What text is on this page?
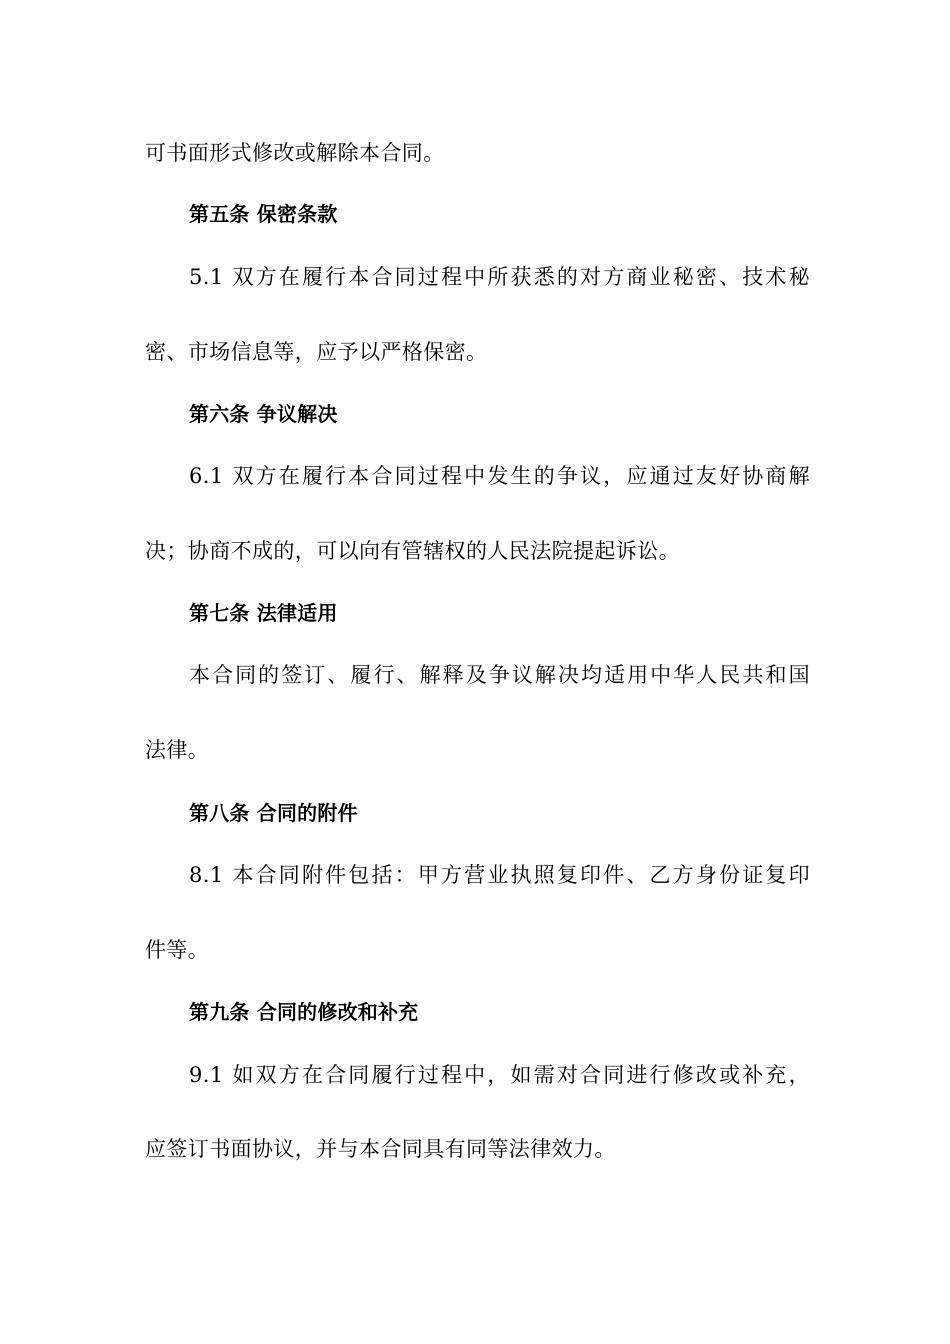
可书面形式修改或解除本合同。
第五条 保密条款
5.1 双方在履行本合同过程中所获悉的对方商业秘密、技术秘
密、市场信息等，应予以严格保密。
第六条 争议解决
6.1 双方在履行本合同过程中发生的争议，应通过友好协商解
决；协商不成的，可以向有管辖权的人民法院提起诉讼。
第七条 法律适用
本合同的签订、履行、解释及争议解决均适用中华人民共和国
法律。
第八条 合同的附件
8.1 本合同附件包括：甲方营业执照复印件、乙方身份证复印
件等。
第九条 合同的修改和补充
9.1 如双方在合同履行过程中，如需对合同进行修改或补充，
应签订书面协议，并与本合同具有同等法律效力。
